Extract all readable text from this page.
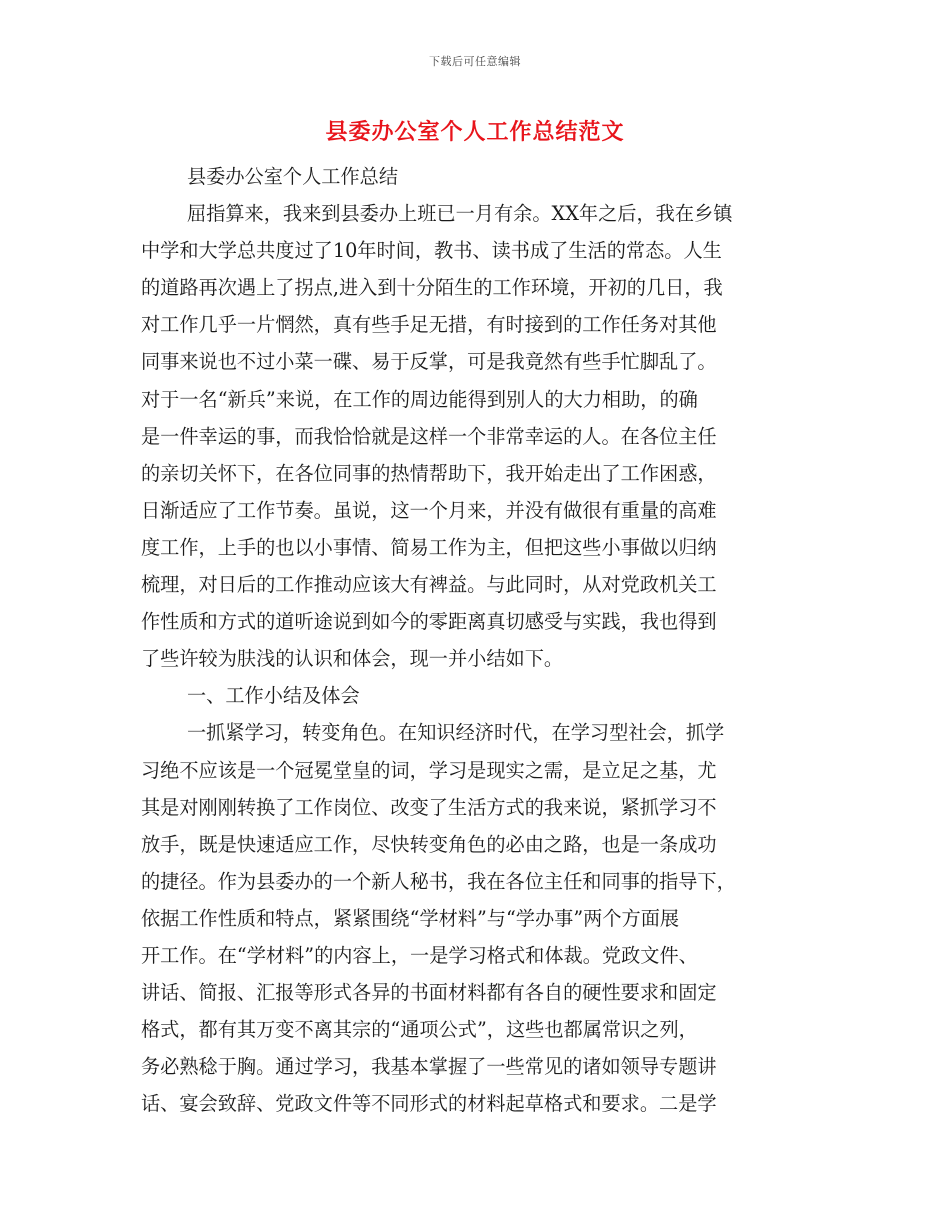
下载后可任意编辑
县委办公室个人工作总结范文
县委办公室个人工作总结
屈指算来，我来到县委办上班已一月有余。XX年之后，我在乡镇
中学和大学总共度过了10年时间，教书、读书成了生活的常态。人生
的道路再次遇上了拐点,进入到十分陌生的工作环境，开初的几日，我
对工作几乎一片惘然，真有些手足无措，有时接到的工作任务对其他
同事来说也不过小菜一碟、易于反掌，可是我竟然有些手忙脚乱了。
对于一名“新兵”来说，在工作的周边能得到别人的大力相助，的确
是一件幸运的事，而我恰恰就是这样一个非常幸运的人。在各位主任
的亲切关怀下，在各位同事的热情帮助下，我开始走出了工作困惑，
日渐适应了工作节奏。虽说，这一个月来，并没有做很有重量的高难
度工作，上手的也以小事情、简易工作为主，但把这些小事做以归纳
梳理，对日后的工作推动应该大有裨益。与此同时，从对党政机关工
作性质和方式的道听途说到如今的零距离真切感受与实践，我也得到
了些许较为肤浅的认识和体会，现一并小结如下。
一、工作小结及体会
一抓紧学习，转变角色。在知识经济时代，在学习型社会，抓学
习绝不应该是一个冠冕堂皇的词，学习是现实之需，是立足之基，尤
其是对刚刚转换了工作岗位、改变了生活方式的我来说，紧抓学习不
放手，既是快速适应工作，尽快转变角色的必由之路，也是一条成功
的捷径。作为县委办的一个新人秘书，我在各位主任和同事的指导下，
依据工作性质和特点，紧紧围绕“学材料”与“学办事”两个方面展
开工作。在“学材料”的内容上，一是学习格式和体裁。党政文件、
讲话、简报、汇报等形式各异的书面材料都有各自的硬性要求和固定
格式，都有其万变不离其宗的“通项公式”，这些也都属常识之列，
务必熟稔于胸。通过学习，我基本掌握了一些常见的诸如领导专题讲
话、宴会致辞、党政文件等不同形式的材料起草格式和要求。二是学
